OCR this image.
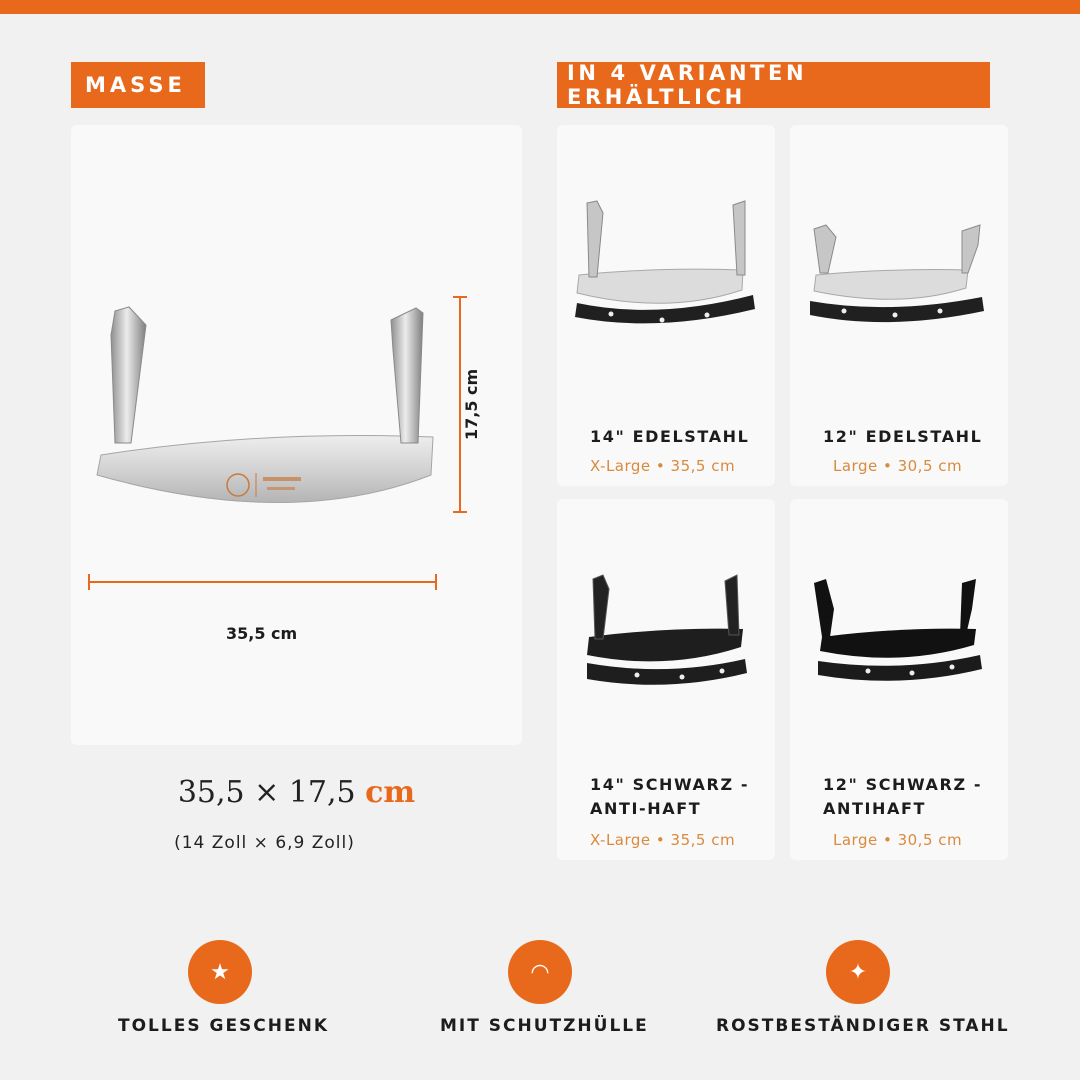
MASSE	IN 4 VARIANTEN ERHÄLTLICH
17,5 cm
35,5 cm
35,5 × 17,5 cm
(14 Zoll × 6,9 Zoll)
14" EDELSTAHL
X-Large • 35,5 cm
12" EDELSTAHL
Large • 30,5 cm
14" SCHWARZ -
ANTI-HAFT
X-Large • 35,5 cm
12" SCHWARZ -
ANTIHAFT
Large • 30,5 cm
★
TOLLES GESCHENK
◠
MIT SCHUTZHÜLLE
✦
ROSTBESTÄNDIGER STAHL
